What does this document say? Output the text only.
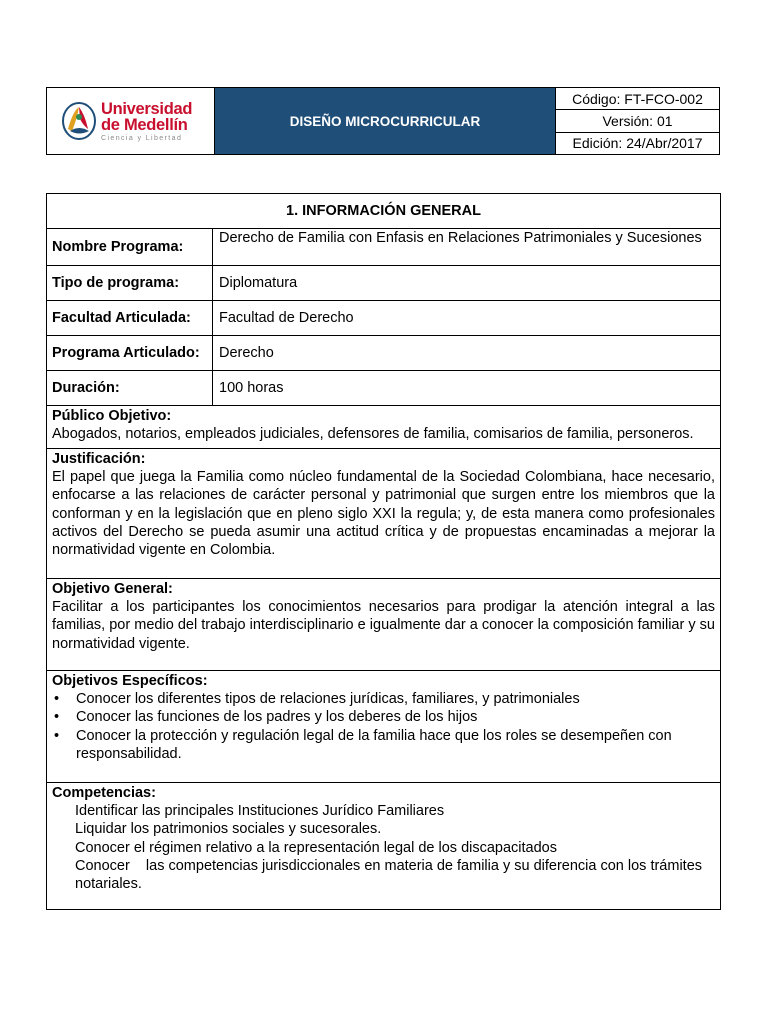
Universidad
de Medellín
Ciencia y Libertad
DISEÑO MICROCURRICULAR
Código: FT-FCO-002
Versión: 01
Edición: 24/Abr/2017
1. INFORMACIÓN GENERAL
Nombre Programa:
Derecho de Familia con Enfasis en Relaciones Patrimoniales y Sucesiones
Tipo de programa:	Diplomatura
Facultad Articulada:	Facultad de Derecho
Programa Articulado:	Derecho
Duración:	100 horas
Público Objetivo:

Abogados, notarios, empleados judiciales, defensores de familia, comisarios de familia, personeros.

Justificación:

El papel que juega la Familia como núcleo fundamental de la Sociedad Colombiana, hace necesario, enfocarse a las relaciones de carácter personal y patrimonial que surgen entre los miembros que la conforman y en la legislación que en pleno siglo XXI la regula; y, de esta manera como profesionales activos del Derecho se pueda asumir una actitud crítica y de propuestas encaminadas a mejorar la normatividad vigente en Colombia.

Objetivo General:

Facilitar a los participantes los conocimientos necesarios para prodigar la atención integral a las familias, por medio del trabajo interdisciplinario e igualmente dar a conocer la composición familiar y su normatividad vigente.

Objetivos Específicos:
•	Conocer los diferentes tipos de relaciones jurídicas, familiares, y patrimoniales
•	Conocer las funciones de los padres y los deberes de los hijos
•	Conocer la protección y regulación legal de la familia hace que los roles se desempeñen con responsabilidad.
Competencias:
Identificar las principales Instituciones Jurídico Familiares
Liquidar los patrimonios sociales y sucesorales.
Conocer el régimen relativo a la representación legal de los discapacitados
Conocer    las competencias jurisdiccionales en materia de familia y su diferencia con los trámites notariales.
